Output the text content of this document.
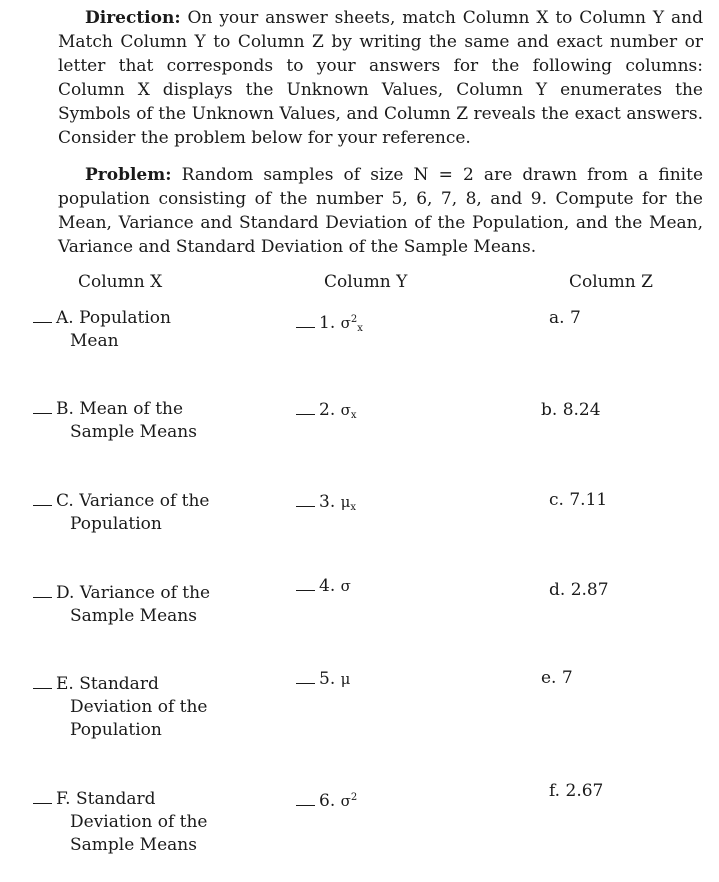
Direction: On your answer sheets, match Column X to Column Y and Match Column Y to Column Z by writing the same and exact number or letter that corresponds to your answers for the following columns: Column X displays the Unknown Values, Column Y enumerates the Symbols of the Unknown Values, and Column Z reveals the exact answers. Consider the problem below for your reference.

Problem: Random samples of size N = 2 are drawn from a finite population consisting of the number 5, 6, 7, 8, and 9. Compute for the Mean, Variance and Standard Deviation of the Population, and the Mean, Variance and Standard Deviation of the Sample Means.

Column X	Column Y	Column Z
A. Population
Mean
B. Mean of the
Sample Means
C. Variance of the
Population
D. Variance of the
Sample Means
E. Standard
Deviation of the
Population
F. Standard
Deviation of the
Sample Means
1. $\sigma^2_x$
2. $\sigma_x$
3. $\mu_x$
4. σ
5. μ
6. $\sigma^2$
a. 7
b. 8.24
c. 7.11
d. 2.87
e. 7
f. 2.67
